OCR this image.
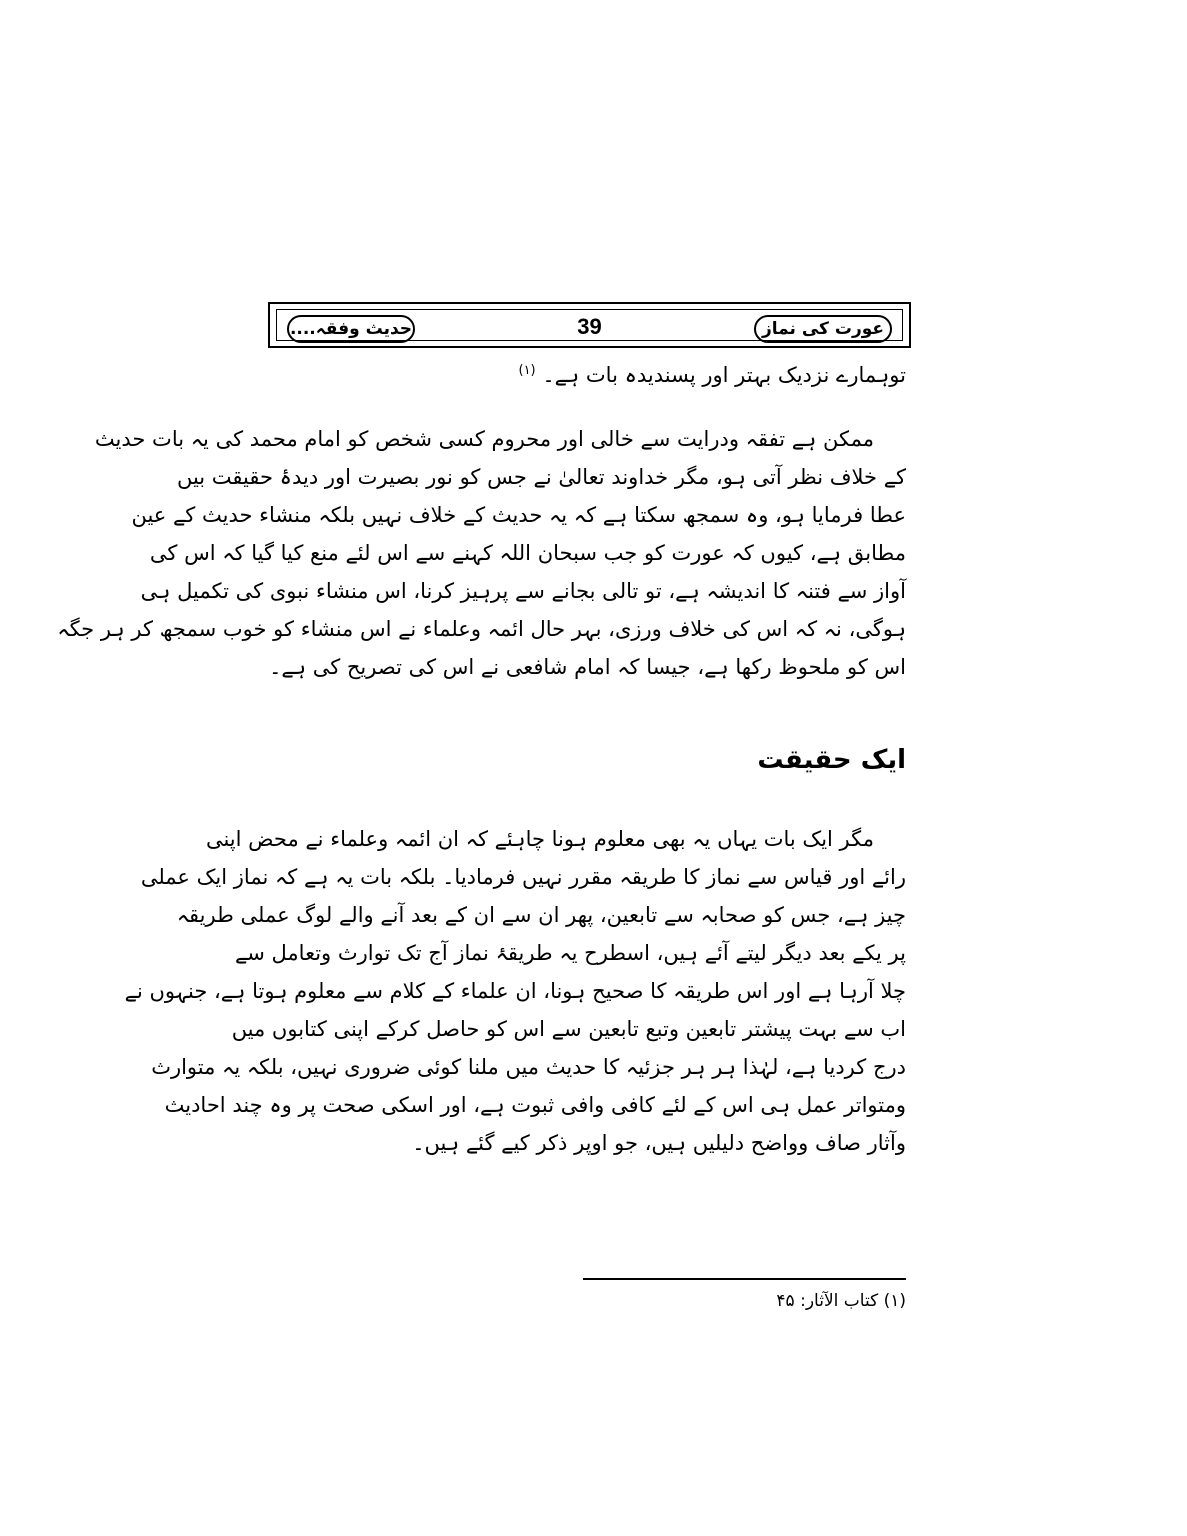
عورت کی نماز
39
حدیث وفقہ....
توہمارے نزدیک بہتر اور پسندیدہ بات ہے۔ $^{(۱)}$
ممکن ہے تفقہ ودرایت سے خالی اور محروم کسی شخص کو امام محمد کی یہ بات حدیث
کے خلاف نظر آتی ہو، مگر خداوند تعالیٰ نے جس کو نور بصیرت اور دیدۂ حقیقت بیں
عطا فرمایا ہو، وہ سمجھ سکتا ہے کہ یہ حدیث کے خلاف نہیں بلکہ منشاء حدیث کے عین
مطابق ہے، کیوں کہ عورت کو جب سبحان اللہ کہنے سے اس لئے منع کیا گیا کہ اس کی
آواز سے فتنہ کا اندیشہ ہے، تو تالی بجانے سے پرہیز کرنا، اس منشاء نبوی کی تکمیل ہی
ہوگی، نہ کہ اس کی خلاف ورزی، بہر حال ائمہ وعلماء نے اس منشاء کو خوب سمجھ کر ہر جگہ
اس کو ملحوظ رکھا ہے، جیسا کہ امام شافعی نے اس کی تصریح کی ہے۔
ایک حقیقت
مگر ایک بات یہاں یہ بھی معلوم ہونا چاہئے کہ ان ائمہ وعلماء نے محض اپنی
رائے اور قیاس سے نماز کا طریقہ مقرر نہیں فرمادیا۔ بلکہ بات یہ ہے کہ نماز ایک عملی
چیز ہے، جس کو صحابہ سے تابعین، پھر ان سے ان کے بعد آنے والے لوگ عملی طریقہ
پر یکے بعد دیگر لیتے آئے ہیں، اسطرح یہ طریقۂ نماز آج تک توارث وتعامل سے
چلا آرہا ہے اور اس طریقہ کا صحیح ہونا، ان علماء کے کلام سے معلوم ہوتا ہے، جنہوں نے
اب سے بہت پیشتر تابعین وتبع تابعین سے اس کو حاصل کرکے اپنی کتابوں میں
درج کردیا ہے، لہٰذا ہر ہر جزئیہ کا حدیث میں ملنا کوئی ضروری نہیں، بلکہ یہ متوارث
ومتواتر عمل ہی اس کے لئے کافی وافی ثبوت ہے، اور اسکی صحت پر وہ چند احادیث
وآثار صاف وواضح دلیلیں ہیں، جو اوپر ذکر کیے گئے ہیں۔
(۱) کتاب الآثار: ۴۵
